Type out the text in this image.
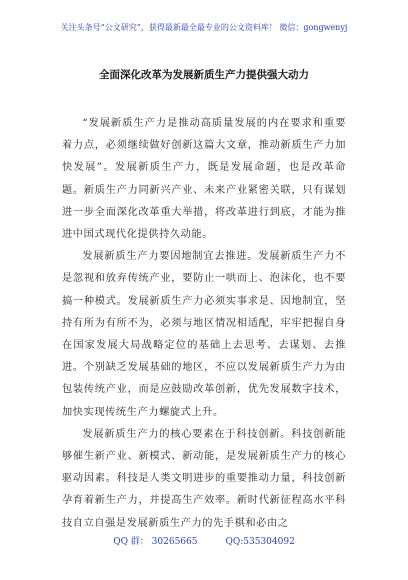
关注头条号“公文研究”，获得最新最全最专业的公文资料库！ 微信：gongwenyj
全面深化改革为发展新质生产力提供强大动力

“发展新质生产力是推动高质量发展的内在要求和重要着力点，必须继续做好创新这篇大文章，推动新质生产力加快发展”。发展新质生产力，既是发展命题，也是改革命题。新质生产力同新兴产业、未来产业紧密关联，只有谋划进一步全面深化改革重大举措，将改革进行到底，才能为推进中国式现代化提供持久动能。

发展新质生产力要因地制宜去推进。发展新质生产力不是忽视和放弃传统产业，要防止一哄而上、泡沫化，也不要搞一种模式。发展新质生产力必须实事求是、因地制宜，坚持有所为有所不为，必须与地区情况相适配，牢牢把握自身在国家发展大局战略定位的基础上去思考、去谋划、去推进。个别缺乏发展基础的地区，不应以发展新质生产力为由包装传统产业，而是应鼓励改革创新，优先发展数字技术，加快实现传统生产力螺旋式上升。

发展新质生产力的核心要素在于科技创新。科技创新能够催生新产业、新模式、新动能，是发展新质生产力的核心驱动因素。科技是人类文明进步的重要推动力量，科技创新孕育着新生产力，并提高生产效率。新时代新征程高水平科技自立自强是发展新质生产力的先手棋和必由之

QQ 群： 30265665	QQ:535304092
